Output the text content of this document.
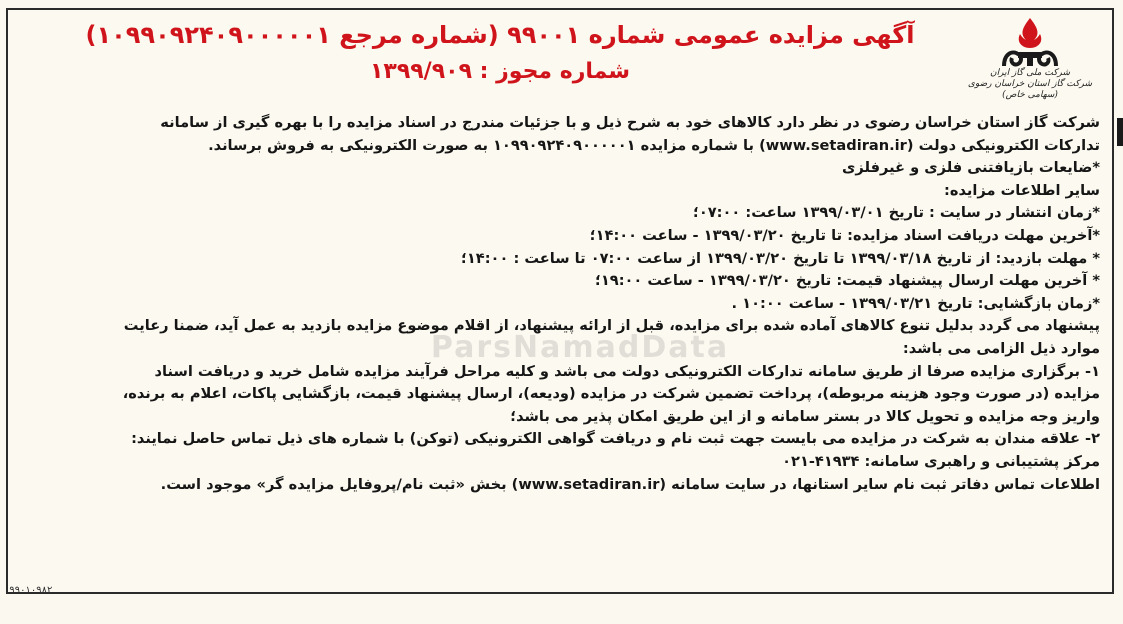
شرکت ملی گاز ایران
شرکت گاز استان خراسان رضوی (سهامی خاص)
آگهی مزایده عمومی شماره ۹۹۰۰۱ (شماره مرجع ۱۰۹۹۰۹۲۴۰۹۰۰۰۰۰۱)
شماره مجوز : ۱۳۹۹/۹۰۹
ParsNamadData

شرکت گاز استان خراسان رضوی در نظر دارد کالاهای خود به شرح ذیل و با جزئیات مندرج در اسناد مزایده را با بهره گیری از سامانه

تدارکات الکترونیکی دولت (www.setadiran.ir) با شماره مزایده ۱۰۹۹۰۹۲۴۰۹۰۰۰۰۰۱ به صورت الکترونیکی به فروش برساند.

*ضایعات بازیافتنی فلزی و غیرفلزی

سایر اطلاعات مزایده:

*زمان انتشار در سایت : تاریخ ۱۳۹۹/۰۳/۰۱ ساعت: ۰۷:۰۰؛

*آخرین مهلت دریافت اسناد مزایده: تا تاریخ ۱۳۹۹/۰۳/۲۰ - ساعت ۱۴:۰۰؛

* مهلت بازدید: از تاریخ ۱۳۹۹/۰۳/۱۸ تا تاریخ ۱۳۹۹/۰۳/۲۰ از ساعت ۰۷:۰۰ تا ساعت : ۱۴:۰۰؛

* آخرین مهلت ارسال پیشنهاد قیمت: تاریخ ۱۳۹۹/۰۳/۲۰ - ساعت ۱۹:۰۰؛

*زمان بازگشایی: تاریخ ۱۳۹۹/۰۳/۲۱ - ساعت ۱۰:۰۰ .

پیشنهاد می گردد بدلیل تنوع کالاهای آماده شده برای مزایده، قبل از ارائه پیشنهاد، از اقلام موضوع مزایده بازدید به عمل آید، ضمنا رعایت

موارد ذیل الزامی می باشد:

۱- برگزاری مزایده صرفا از طریق سامانه تدارکات الکترونیکی دولت می باشد و کلیه مراحل فرآیند مزایده شامل خرید و دریافت اسناد

مزایده (در صورت وجود هزینه مربوطه)، پرداخت تضمین شرکت در مزایده (ودیعه)، ارسال پیشنهاد قیمت، بازگشایی پاکات، اعلام به برنده،

واریز وجه مزایده و تحویل کالا در بستر سامانه و از این طریق امکان پذیر می باشد؛

۲- علاقه مندان به شرکت در مزایده می بایست جهت ثبت نام و دریافت گواهی الکترونیکی (توکن) با شماره های ذیل تماس حاصل نمایند:

مرکز پشتیبانی و راهبری سامانه: ۴۱۹۳۴-۰۲۱

اطلاعات تماس دفاتر ثبت نام سایر استانها، در سایت سامانه (www.setadiran.ir) بخش «ثبت نام/پروفایل مزایده گر» موجود است.

۰۹۹۰۱۰۹۸۲
